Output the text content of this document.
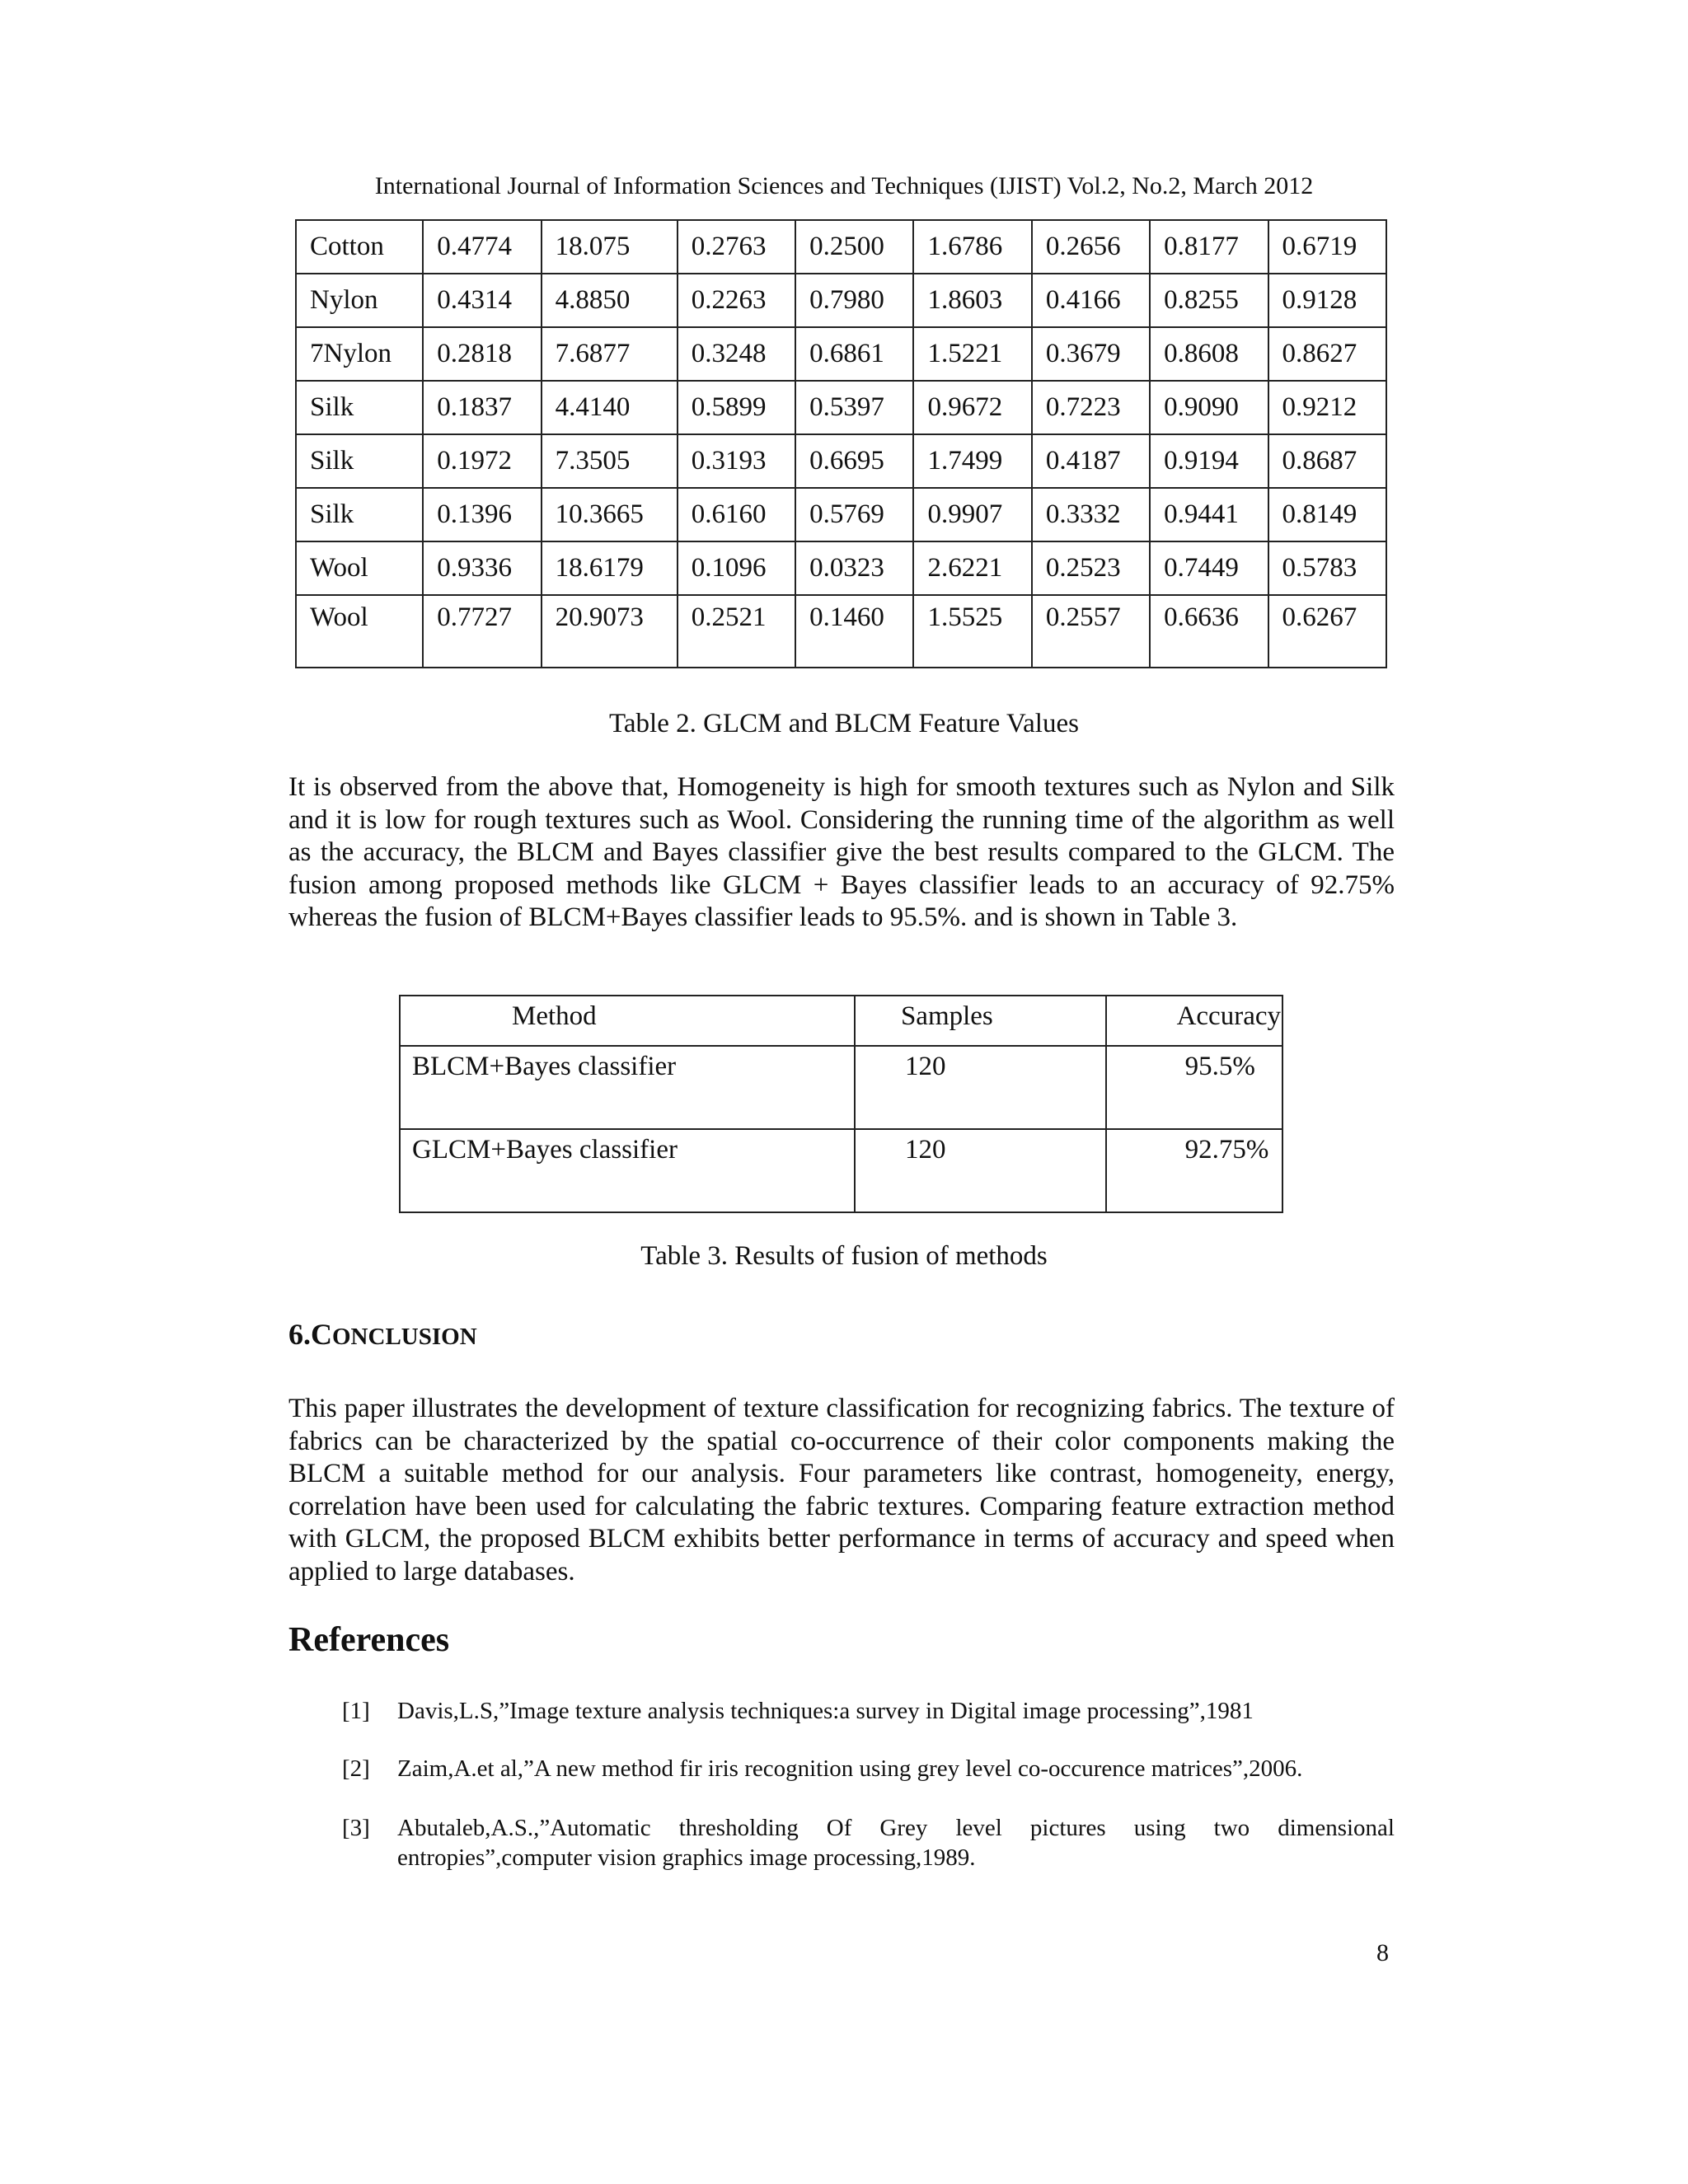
International Journal of Information Sciences and Techniques (IJIST) Vol.2, No.2, March 2012
Cotton	0.4774	18.075	0.2763	0.2500	1.6786	0.2656	0.8177	0.6719
Nylon	0.4314	4.8850	0.2263	0.7980	1.8603	0.4166	0.8255	0.9128
7Nylon	0.2818	7.6877	0.3248	0.6861	1.5221	0.3679	0.8608	0.8627
Silk	0.1837	4.4140	0.5899	0.5397	0.9672	0.7223	0.9090	0.9212
Silk	0.1972	7.3505	0.3193	0.6695	1.7499	0.4187	0.9194	0.8687
Silk	0.1396	10.3665	0.6160	0.5769	0.9907	0.3332	0.9441	0.8149
Wool	0.9336	18.6179	0.1096	0.0323	2.6221	0.2523	0.7449	0.5783
Wool	0.7727	20.9073	0.2521	0.1460	1.5525	0.2557	0.6636	0.6267
Table 2. GLCM and BLCM Feature Values

It is observed from the above that, Homogeneity is high for smooth textures such as Nylon and Silk and it is low for rough textures such as Wool. Considering the running time of the algorithm as well as the accuracy, the BLCM and Bayes classifier give the best results compared to the GLCM. The fusion among proposed methods like GLCM + Bayes classifier leads to an accuracy of 92.75% whereas the fusion of BLCM+Bayes classifier leads to 95.5%. and is shown in Table 3.

Method	Samples	Accuracy
BLCM+Bayes classifier	120	95.5%
GLCM+Bayes classifier	120	92.75%
Table 3. Results of fusion of methods
6.CONCLUSION

This paper illustrates the development of texture classification for recognizing fabrics. The texture of fabrics can be characterized by the spatial co-occurrence of their color components making the BLCM a suitable method for our analysis. Four parameters like contrast, homogeneity, energy, correlation have been used for calculating the fabric textures. Comparing feature extraction method with GLCM, the proposed BLCM exhibits better performance in terms of accuracy and speed when applied to large databases.

References
[1] Davis,L.S,”Image texture analysis techniques:a survey in Digital image processing”,1981
[2] Zaim,A.et al,”A new method fir iris recognition using grey level co-occurence matrices”,2006.
[3] Abutaleb,A.S.,”Automatic thresholding Of Grey level pictures using two dimensional entropies”,computer vision graphics image processing,1989.
8
